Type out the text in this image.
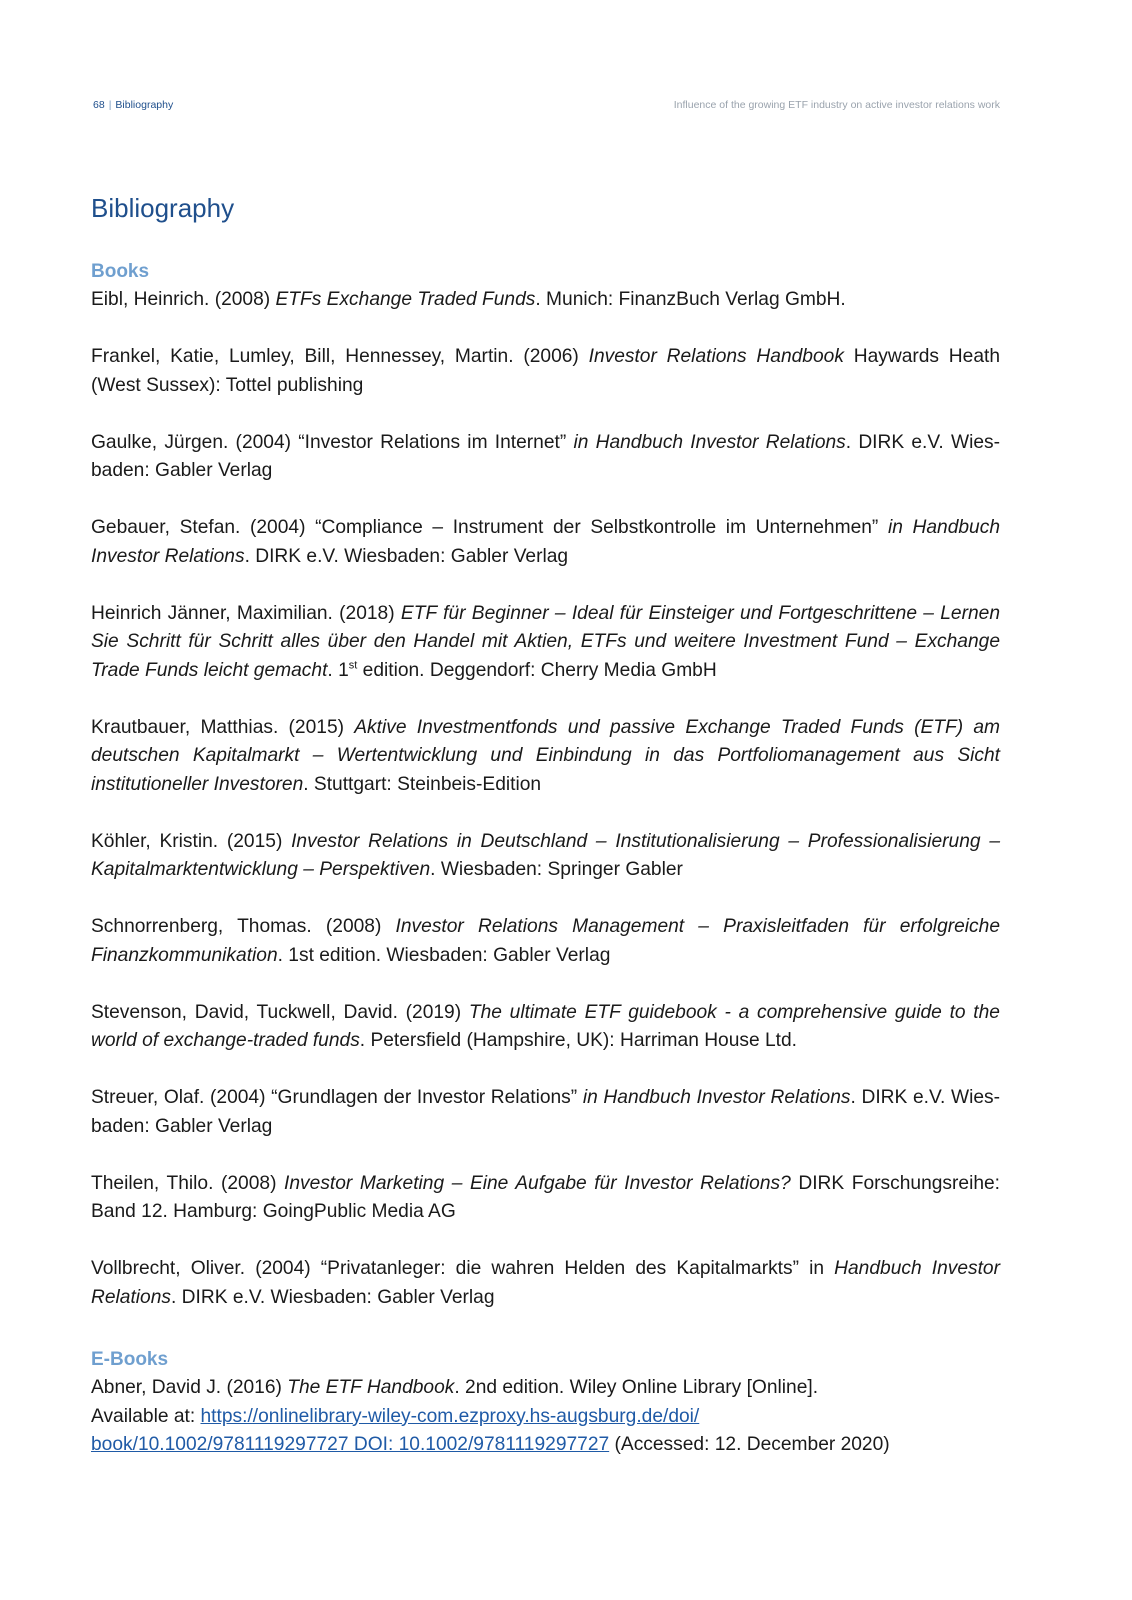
68 | Bibliography	Influence of the growing ETF industry on active investor relations work
Bibliography
Books

Eibl, Heinrich. (2008) ETFs Exchange Traded Funds. Munich: FinanzBuch Verlag GmbH.

Frankel, Katie, Lumley, Bill, Hennessey, Martin. (2006) Investor Relations Handbook Haywards Heath (West Sussex): Tottel publishing

Gaulke, Jürgen. (2004) “Investor Relations im Internet” in Handbuch Investor Relations. DIRK e.V. Wiesbaden: Gabler Verlag

Gebauer, Stefan. (2004) “Compliance – Instrument der Selbstkontrolle im Unternehmen” in Handbuch Investor Relations. DIRK e.V. Wiesbaden: Gabler Verlag

Heinrich Jänner, Maximilian. (2018) ETF für Beginner – Ideal für Einsteiger und Fortgeschrittene – Lernen Sie Schritt für Schritt alles über den Handel mit Aktien, ETFs und weitere Investment Fund – Exchange Trade Funds leicht gemacht. 1st edition. Deggendorf: Cherry Media GmbH

Krautbauer, Matthias. (2015) Aktive Investmentfonds und passive Exchange Traded Funds (ETF) am deutschen Kapitalmarkt – Wertentwicklung und Einbindung in das Portfoliomanagement aus Sicht institutioneller Investoren. Stuttgart: Steinbeis-Edition

Köhler, Kristin. (2015) Investor Relations in Deutschland – Institutionalisierung – Professionalisierung – Kapitalmarktentwicklung – Perspektiven. Wiesbaden: Springer Gabler

Schnorrenberg, Thomas. (2008) Investor Relations Management – Praxisleitfaden für erfolgreiche Finanzkommunikation. 1st edition. Wiesbaden: Gabler Verlag

Stevenson, David, Tuckwell, David. (2019) The ultimate ETF guidebook - a comprehensive guide to the world of exchange-traded funds. Petersfield (Hampshire, UK): Harriman House Ltd.

Streuer, Olaf. (2004) “Grundlagen der Investor Relations” in Handbuch Investor Relations. DIRK e.V. Wiesbaden: Gabler Verlag

Theilen, Thilo. (2008) Investor Marketing – Eine Aufgabe für Investor Relations? DIRK Forschungsreihe: Band 12. Hamburg: GoingPublic Media AG

Vollbrecht, Oliver. (2004) “Privatanleger: die wahren Helden des Kapitalmarkts” in Handbuch Investor Relations. DIRK e.V. Wiesbaden: Gabler Verlag

E-Books

Abner, David J. (2016) The ETF Handbook. 2nd edition. Wiley Online Library [Online].
Available at: https://onlinelibrary-wiley-com.ezproxy.hs-augsburg.de/doi/
book/10.1002/9781119297727 DOI: 10.1002/9781119297727 (Accessed: 12. December 2020)
